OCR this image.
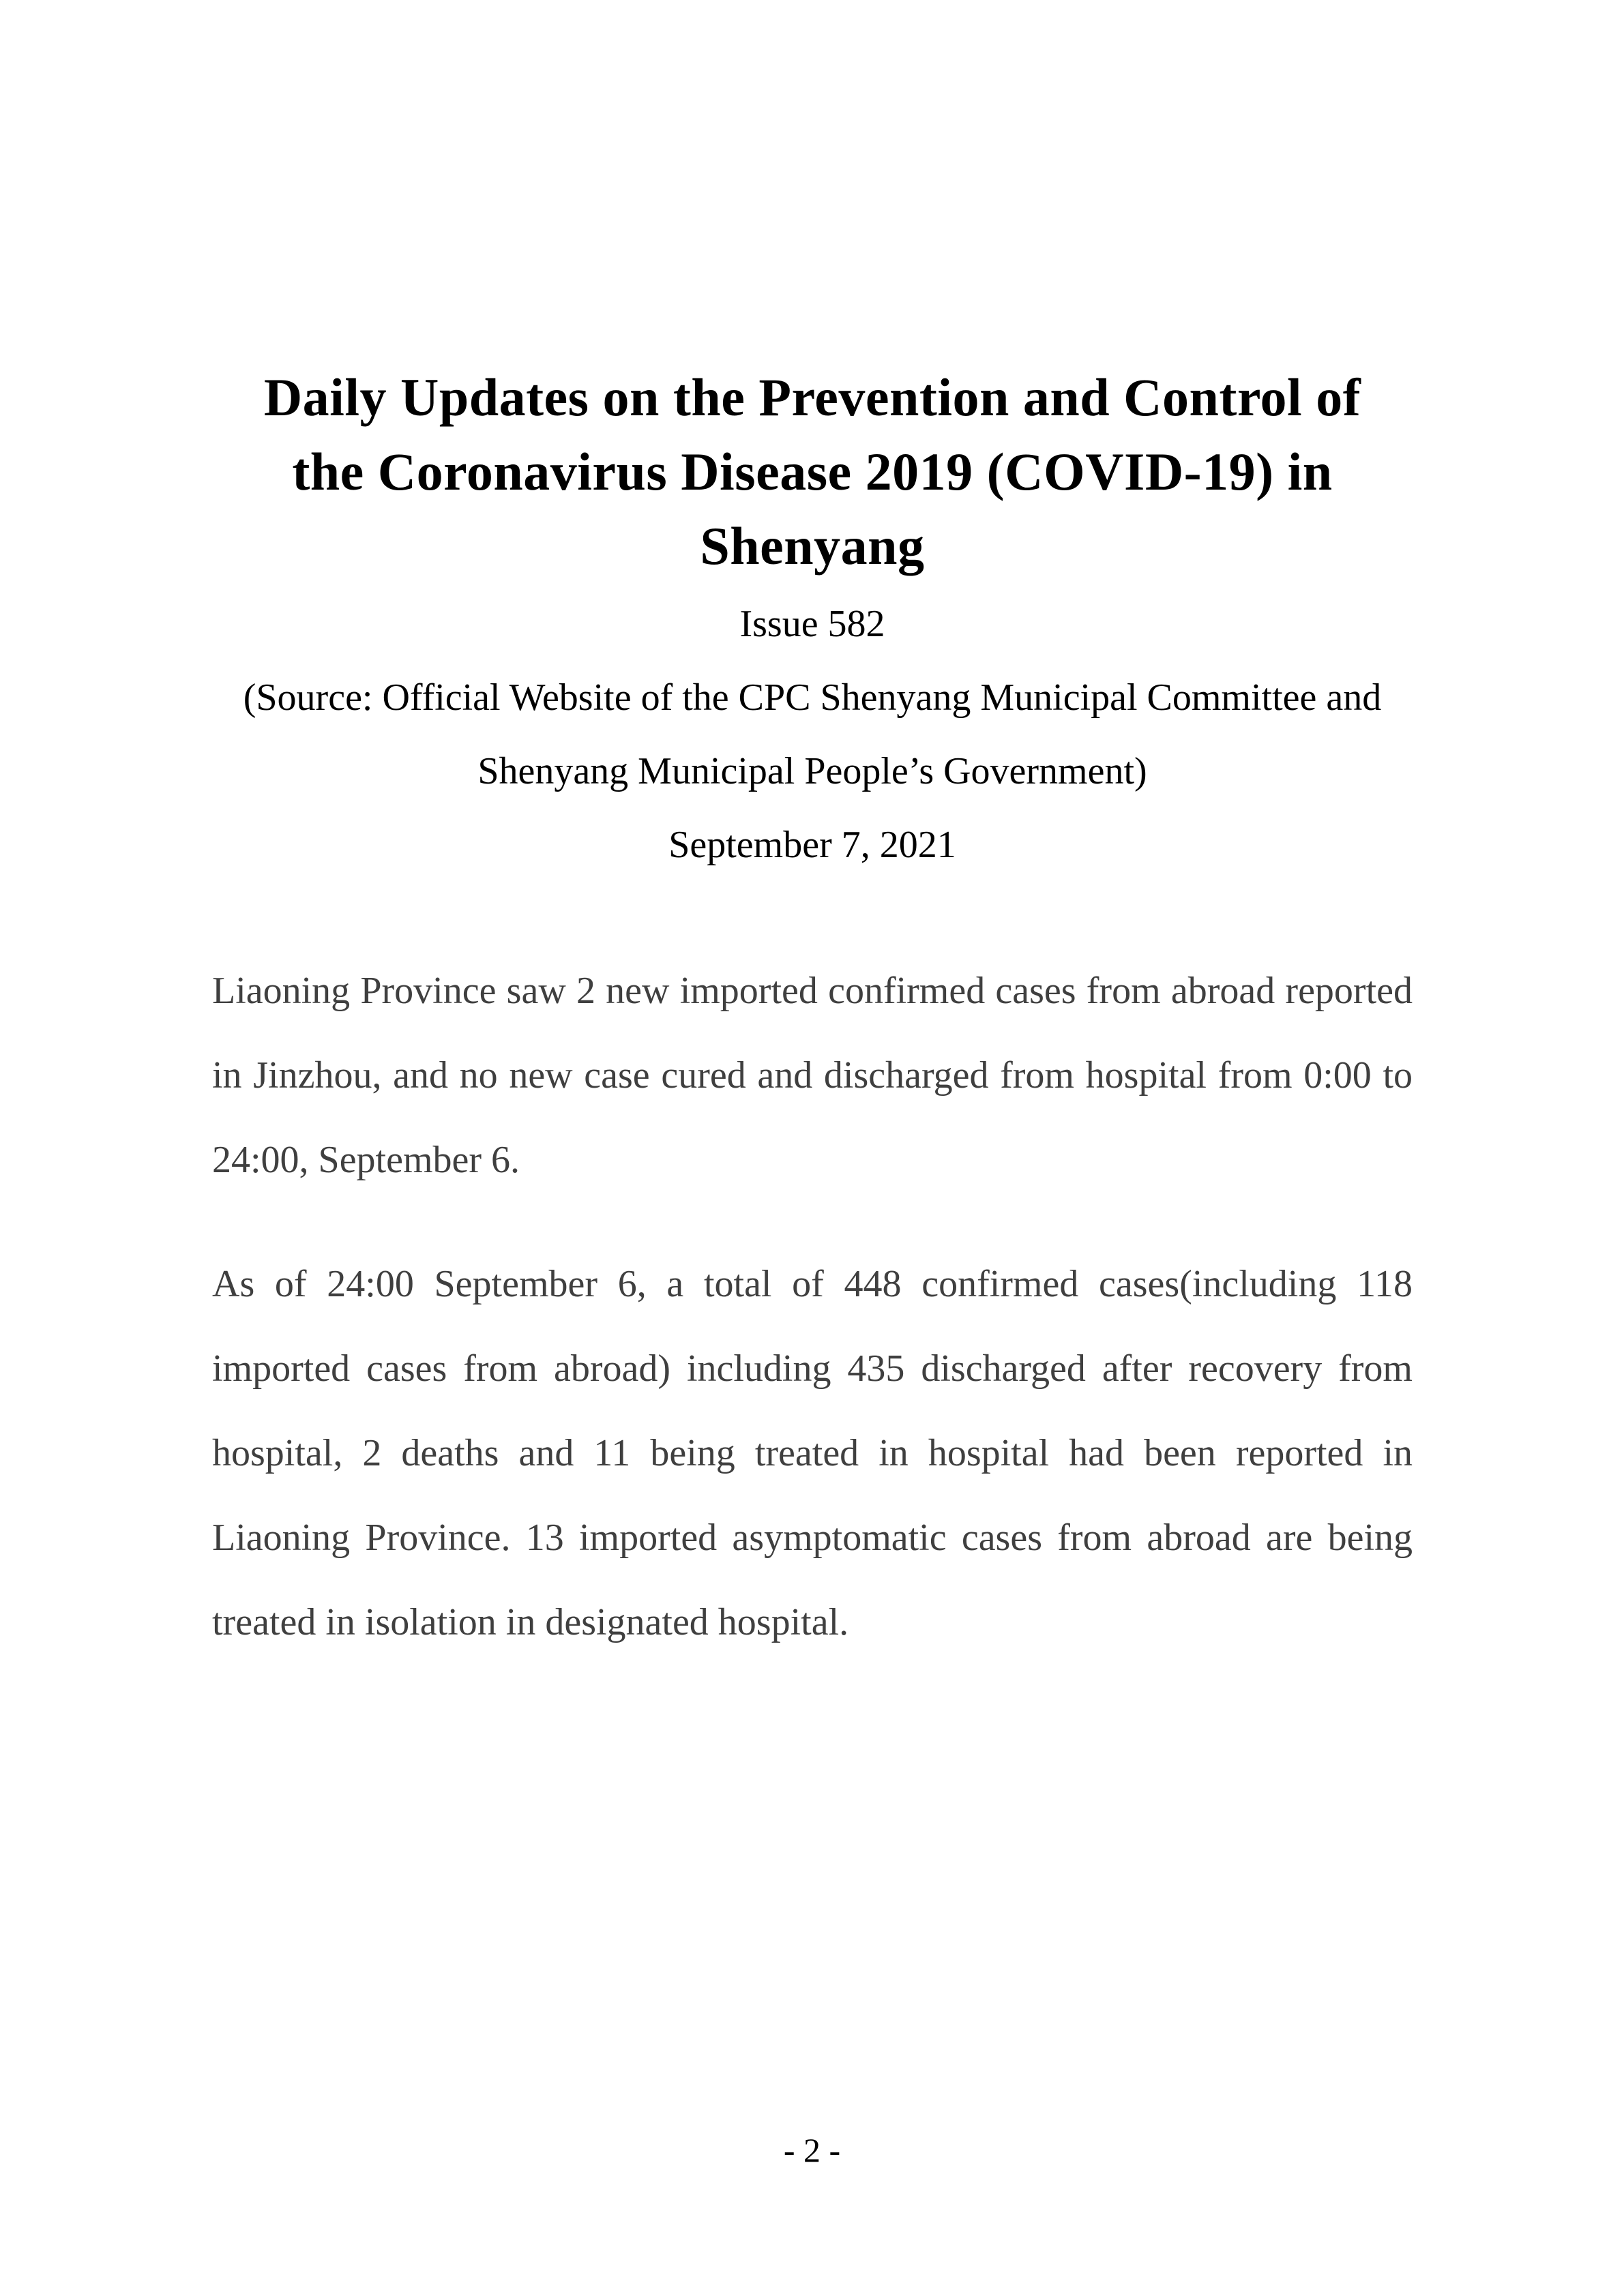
Daily Updates on the Prevention and Control of
the Coronavirus Disease 2019 (COVID-19) in
Shenyang
Issue 582
(Source: Official Website of the CPC Shenyang Municipal Committee and
Shenyang Municipal People’s Government)
September 7, 2021

Liaoning Province saw 2 new imported confirmed cases from abroad reported in Jinzhou, and no new case cured and discharged from hospital from 0:00 to 24:00, September 6.

As of 24:00 September 6, a total of 448 confirmed cases(including 118 imported cases from abroad) including 435 discharged after recovery from hospital, 2 deaths and 11 being treated in hospital had been reported in Liaoning Province. 13 imported asymptomatic cases from abroad are being treated in isolation in designated hospital.

- 2 -
